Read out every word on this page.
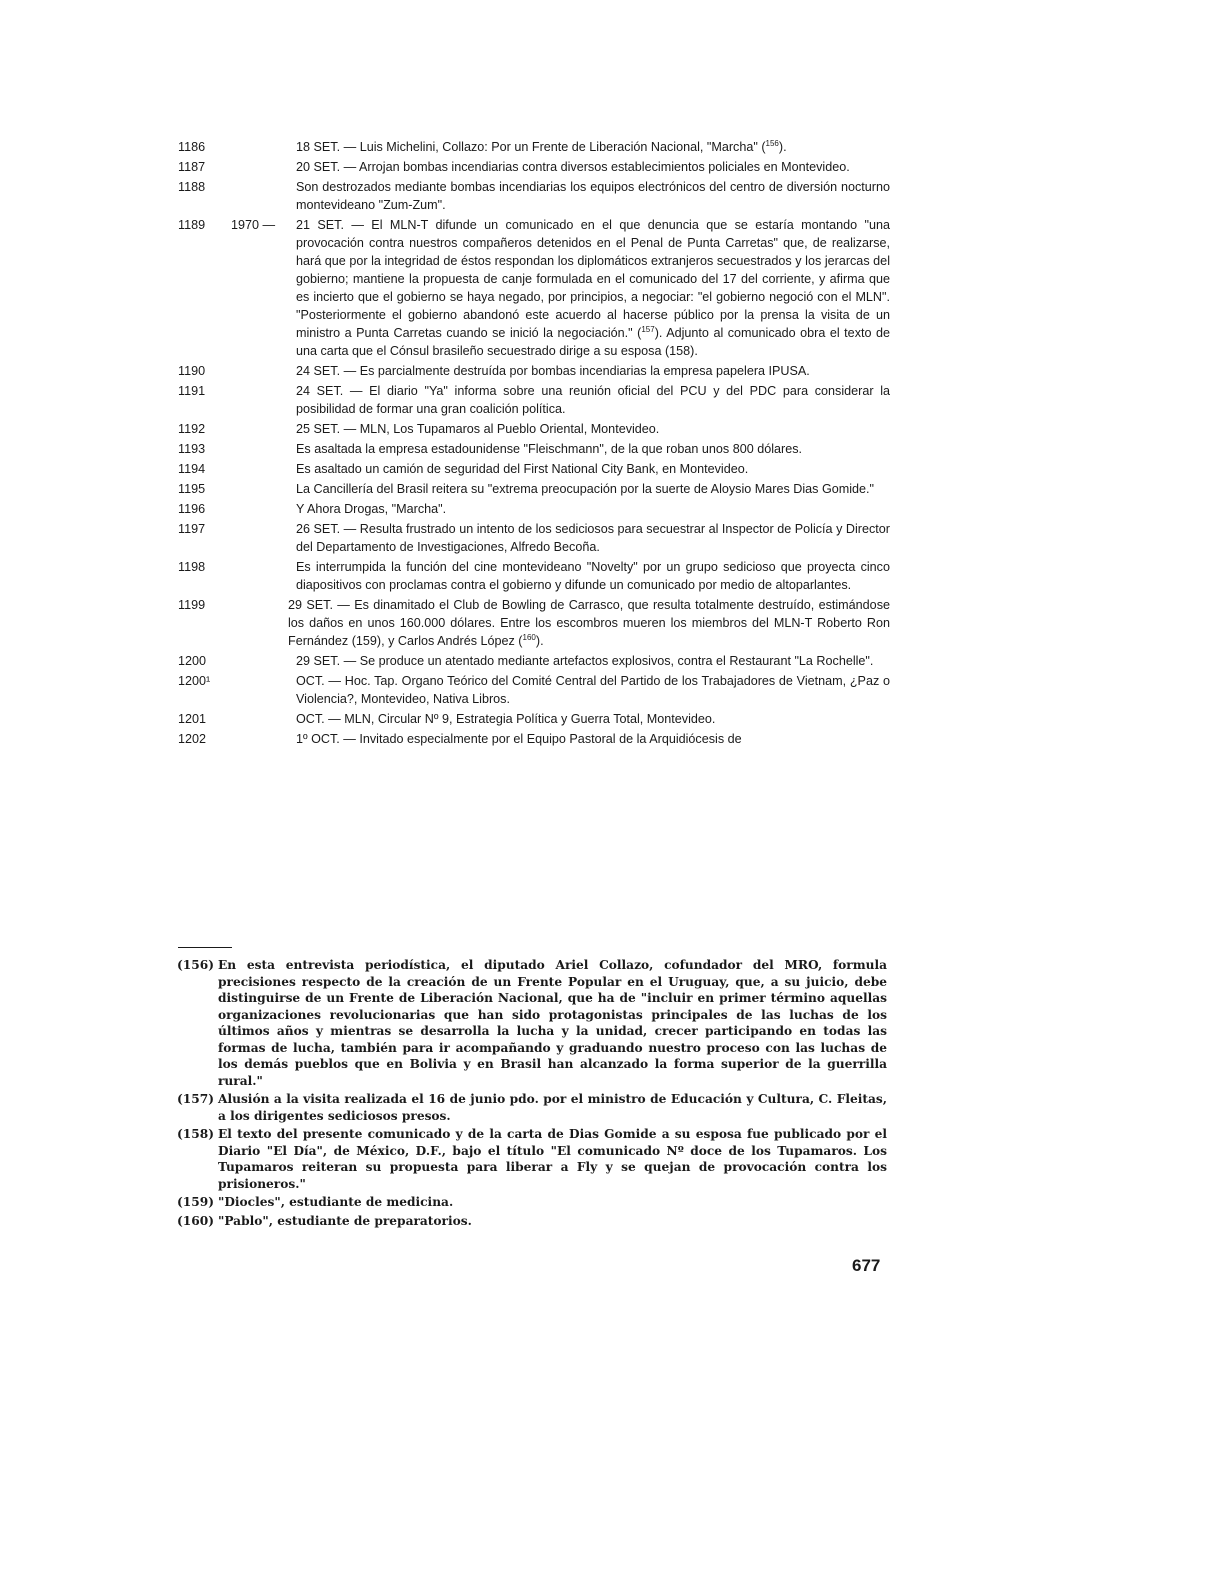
1186	18 SET. — Luis Michelini, Collazo: Por un Frente de Liberación Nacional, "Marcha" ($^{156}$).
1187	20 SET. — Arrojan bombas incendiarias contra diversos establecimientos policiales en Montevideo.
1188	Son destrozados mediante bombas incendiarias los equipos electrónicos del centro de diversión nocturno montevideano "Zum-Zum".
1189	1970 —	21 SET. — El MLN-T difunde un comunicado en el que denuncia que se estaría montando "una provocación contra nuestros compañeros detenidos en el Penal de Punta Carretas" que, de realizarse, hará que por la integridad de éstos respondan los diplomáticos extranjeros secuestrados y los jerarcas del gobierno; mantiene la propuesta de canje formulada en el comunicado del 17 del corriente, y afirma que es incierto que el gobierno se haya negado, por principios, a negociar: "el gobierno negoció con el MLN". "Posteriormente el gobierno abandonó este acuerdo al hacerse público por la prensa la visita de un ministro a Punta Carretas cuando se inició la negociación." ($^{157}$). Adjunto al comunicado obra el texto de una carta que el Cónsul brasileño secuestrado dirige a su esposa (158).
1190	24 SET. — Es parcialmente destruída por bombas incendiarias la empresa papelera IPUSA.
1191	24 SET. — El diario "Ya" informa sobre una reunión oficial del PCU y del PDC para considerar la posibilidad de formar una gran coalición política.
1192	25 SET. — MLN, Los Tupamaros al Pueblo Oriental, Montevideo.
1193	Es asaltada la empresa estadounidense "Fleischmann", de la que roban unos 800 dólares.
1194	Es asaltado un camión de seguridad del First National City Bank, en Montevideo.
1195	La Cancillería del Brasil reitera su "extrema preocupación por la suerte de Aloysio Mares Dias Gomide."
1196	Y Ahora Drogas, "Marcha".
1197	26 SET. — Resulta frustrado un intento de los sediciosos para secuestrar al Inspector de Policía y Director del Departamento de Investigaciones, Alfredo Becoña.
1198	Es interrumpida la función del cine montevideano "Novelty" por un grupo sedicioso que proyecta cinco diapositivos con proclamas contra el gobierno y difunde un comunicado por medio de altoparlantes.
1199	29 SET. — Es dinamitado el Club de Bowling de Carrasco, que resulta totalmente destruído, estimándose los daños en unos 160.000 dólares. Entre los escombros mueren los miembros del MLN-T Roberto Ron Fernández (159), y Carlos Andrés López ($^{160}$).
1200	29 SET. — Se produce un atentado mediante artefactos explosivos, contra el Restaurant "La Rochelle".
1200¹	OCT. — Hoc. Tap. Organo Teórico del Comité Central del Partido de los Trabajadores de Vietnam, ¿Paz o Violencia?, Montevideo, Nativa Libros.
1201	OCT. — MLN, Circular Nº 9, Estrategia Política y Guerra Total, Montevideo.
1202	1º OCT. — Invitado especialmente por el Equipo Pastoral de la Arquidiócesis de
(156) En esta entrevista periodística, el diputado Ariel Collazo, cofundador del MRO, formula precisiones respecto de la creación de un Frente Popular en el Uruguay, que, a su juicio, debe distinguirse de un Frente de Liberación Nacional, que ha de "incluir en primer término aquellas organizaciones revolucionarias que han sido protagonistas principales de las luchas de los últimos años y mientras se desarrolla la lucha y la unidad, crecer participando en todas las formas de lucha, también para ir acompañando y graduando nuestro proceso con las luchas de los demás pueblos que en Bolivia y en Brasil han alcanzado la forma superior de la guerrilla rural."
(157) Alusión a la visita realizada el 16 de junio pdo. por el ministro de Educación y Cultura, C. Fleitas, a los dirigentes sediciosos presos.
(158) El texto del presente comunicado y de la carta de Dias Gomide a su esposa fue publicado por el Diario "El Día", de México, D.F., bajo el título "El comunicado Nº doce de los Tupamaros. Los Tupamaros reiteran su propuesta para liberar a Fly y se quejan de provocación contra los prisioneros."
(159) "Diocles", estudiante de medicina.
(160) "Pablo", estudiante de preparatorios.
677
